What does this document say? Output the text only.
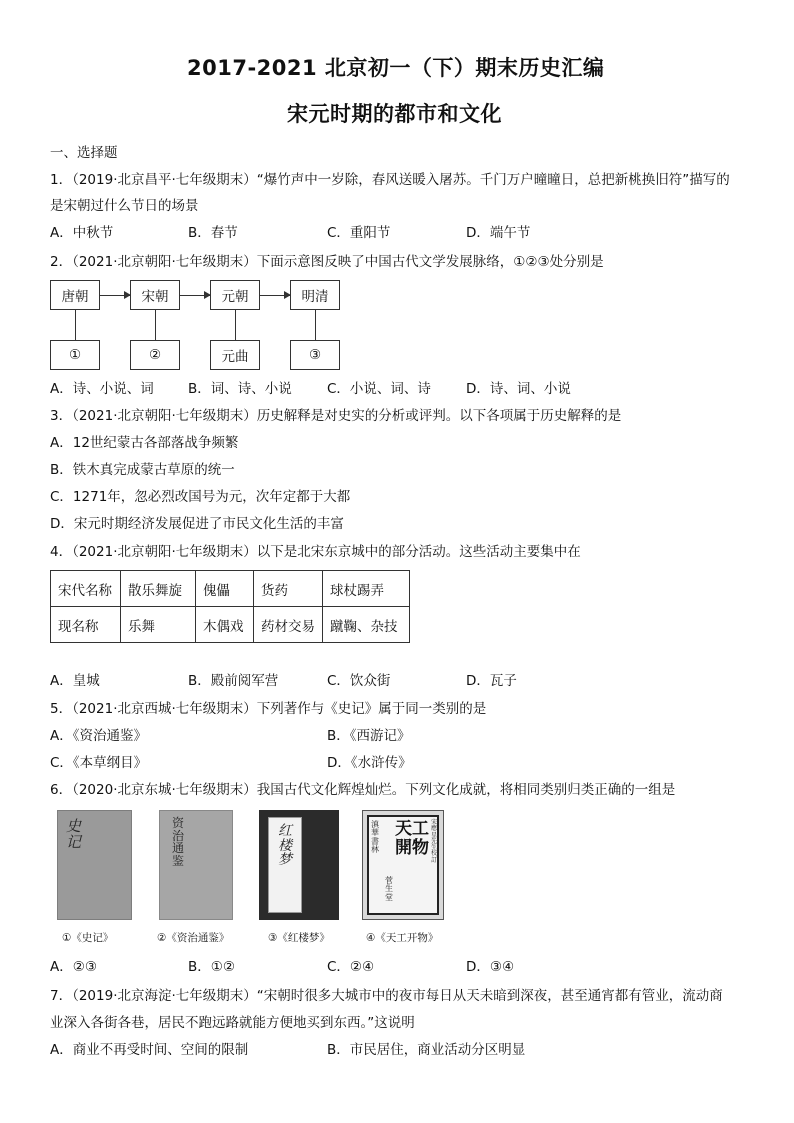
2017-2021 北京初一（下）期末历史汇编
宋元时期的都市和文化
一、选择题
1．（2019·北京昌平·七年级期末）“爆竹声中一岁除，春风送暖入屠苏。千门万户曈曈日，总把新桃换旧符”描写的
是宋朝过什么节日的场景
A．中秋节	B．春节	C．重阳节	D．端午节
2．（2021·北京朝阳·七年级期末）下面示意图反映了中国古代文学发展脉络，①②③处分别是
唐朝	宋朝	元朝	明清
①	②	元曲	③
A．诗、小说、词	B．词、诗、小说	C．小说、词、诗	D．诗、词、小说
3．（2021·北京朝阳·七年级期末）历史解释是对史实的分析或评判。以下各项属于历史解释的是
A．12世纪蒙古各部落战争频繁
B．铁木真完成蒙古草原的统一
C．1271年，忽必烈改国号为元，次年定都于大都
D．宋元时期经济发展促进了市民文化生活的丰富
4．（2021·北京朝阳·七年级期末）以下是北宋东京城中的部分活动。这些活动主要集中在
宋代名称	散乐舞旋	傀儡	货药	球杖踢弄
现名称	乐舞	木偶戏	药材交易	蹴鞠、杂技
A．皇城	B．殿前阅军营	C．饮众街	D．瓦子
5．（2021·北京西城·七年级期末）下列著作与《史记》属于同一类别的是
A．《资治通鉴》	B．《西游记》
C．《本草纲目》	D．《水浒传》
6．（2020·北京东城·七年级期末）我国古代文化辉煌灿烂。下列文化成就，将相同类别归类正确的一组是
史记
①《史记》
资治通鉴
②《资治通鉴》
红楼梦
③《红楼梦》
滇華書林
天工開物
宋應星先生校訂
菅生堂
④《天工开物》
A．②③	B．①②	C．②④	D．③④
7．（2019·北京海淀·七年级期末）“宋朝时很多大城市中的夜市每日从天未暗到深夜，甚至通宵都有管业，流动商
业深入各街各巷，居民不跑远路就能方便地买到东西。”这说明
A．商业不再受时间、空间的限制	B．市民居住，商业活动分区明显
